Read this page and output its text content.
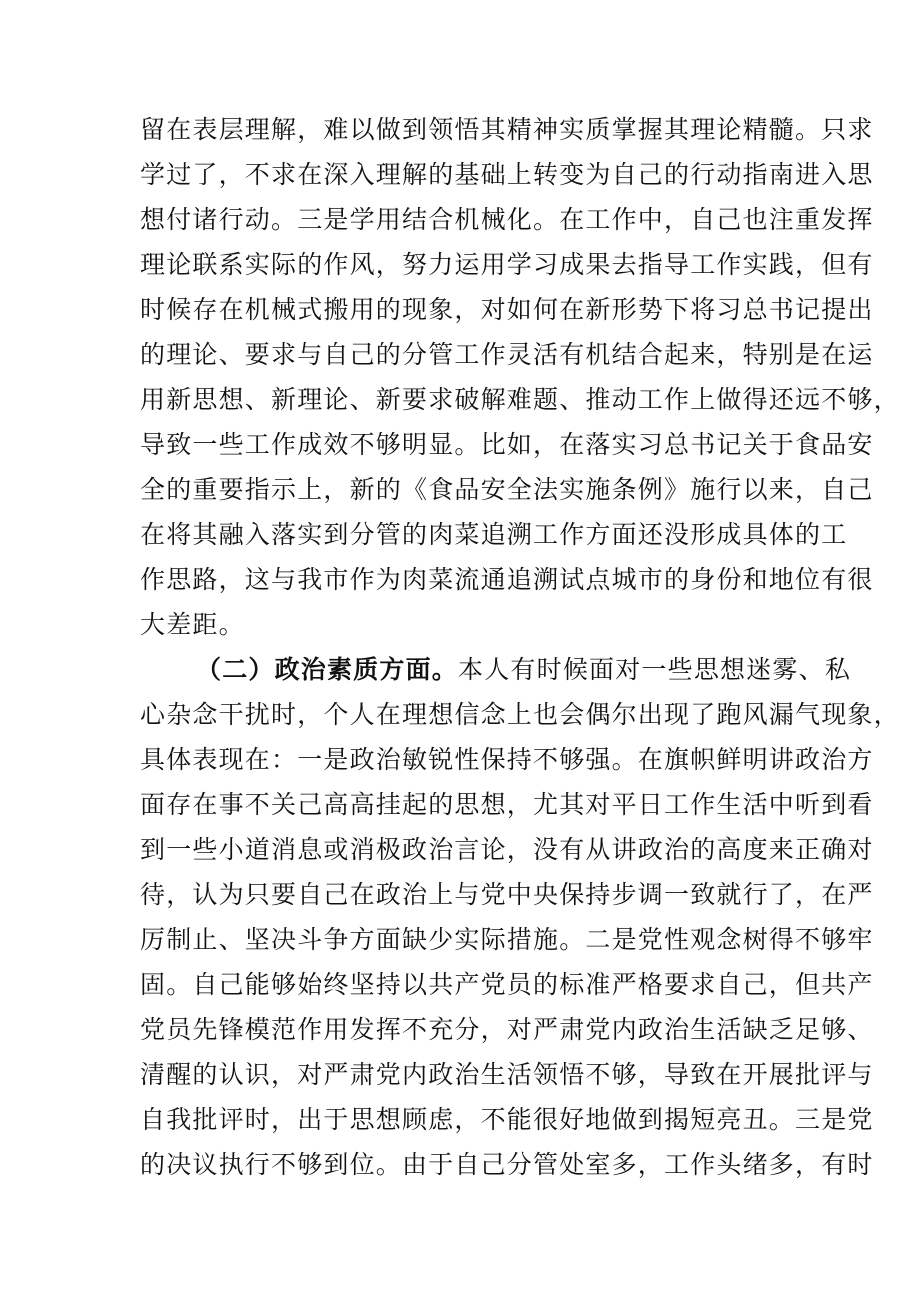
留在表层理解，难以做到领悟其精神实质掌握其理论精髓。只求

学过了，不求在深入理解的基础上转变为自己的行动指南进入思

想付诸行动。三是学用结合机械化。在工作中，自己也注重发挥

理论联系实际的作风，努力运用学习成果去指导工作实践，但有

时候存在机械式搬用的现象，对如何在新形势下将习总书记提出

的理论、要求与自己的分管工作灵活有机结合起来，特别是在运

用新思想、新理论、新要求破解难题、推动工作上做得还远不够，

导致一些工作成效不够明显。比如，在落实习总书记关于食品安

全的重要指示上，新的《食品安全法实施条例》施行以来，自己

在将其融入落实到分管的肉菜追溯工作方面还没形成具体的工

作思路，这与我市作为肉菜流通追溯试点城市的身份和地位有很

大差距。

（二）政治素质方面。本人有时候面对一些思想迷雾、私

心杂念干扰时，个人在理想信念上也会偶尔出现了跑风漏气现象，

具体表现在：一是政治敏锐性保持不够强。在旗帜鲜明讲政治方

面存在事不关己高高挂起的思想，尤其对平日工作生活中听到看

到一些小道消息或消极政治言论，没有从讲政治的高度来正确对

待，认为只要自己在政治上与党中央保持步调一致就行了，在严

厉制止、坚决斗争方面缺少实际措施。二是党性观念树得不够牢

固。自己能够始终坚持以共产党员的标准严格要求自己，但共产

党员先锋模范作用发挥不充分，对严肃党内政治生活缺乏足够、

清醒的认识，对严肃党内政治生活领悟不够，导致在开展批评与

自我批评时，出于思想顾虑，不能很好地做到揭短亮丑。三是党

的决议执行不够到位。由于自己分管处室多，工作头绪多，有时
